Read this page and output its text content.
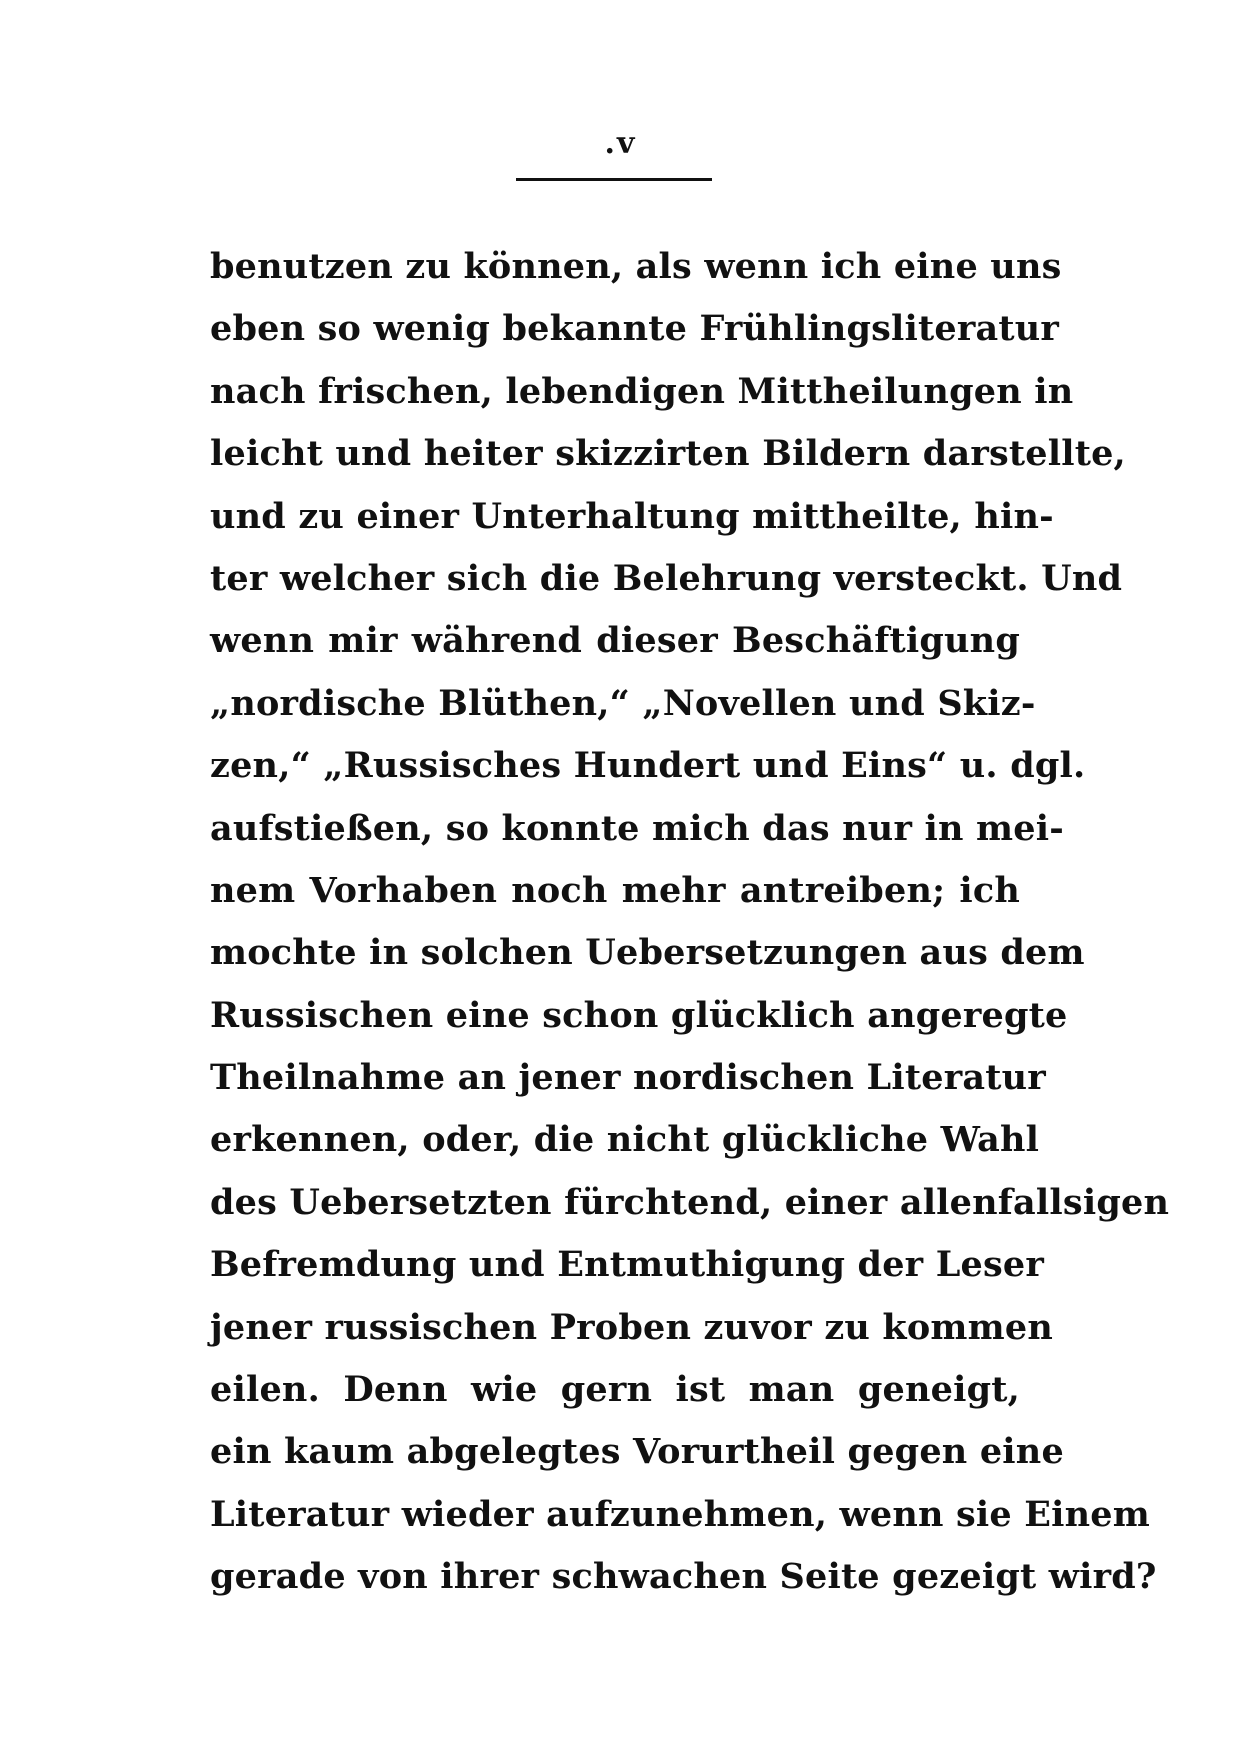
.v
benutzen zu können, als wenn ich eine uns
eben so wenig bekannte Frühlingsliteratur
nach frischen, lebendigen Mittheilungen in
leicht und heiter skizzirten Bildern darstellte,
und zu einer Unterhaltung mittheilte, hin-
ter welcher sich die Belehrung versteckt. Und
wenn mir während dieser Beschäftigung
„nordische Blüthen,“ „Novellen und Skiz-
zen,“ „Russisches Hundert und Eins“ u. dgl.
aufstießen, so konnte mich das nur in mei-
nem Vorhaben noch mehr antreiben; ich
mochte in solchen Uebersetzungen aus dem
Russischen eine schon glücklich angeregte
Theilnahme an jener nordischen Literatur
erkennen, oder, die nicht glückliche Wahl
des Uebersetzten fürchtend, einer allenfallsigen
Befremdung und Entmuthigung der Leser
jener russischen Proben zuvor zu kommen
eilen. Denn wie gern ist man geneigt,
ein kaum abgelegtes Vorurtheil gegen eine
Literatur wieder aufzunehmen, wenn sie Einem
gerade von ihrer schwachen Seite gezeigt wird?
